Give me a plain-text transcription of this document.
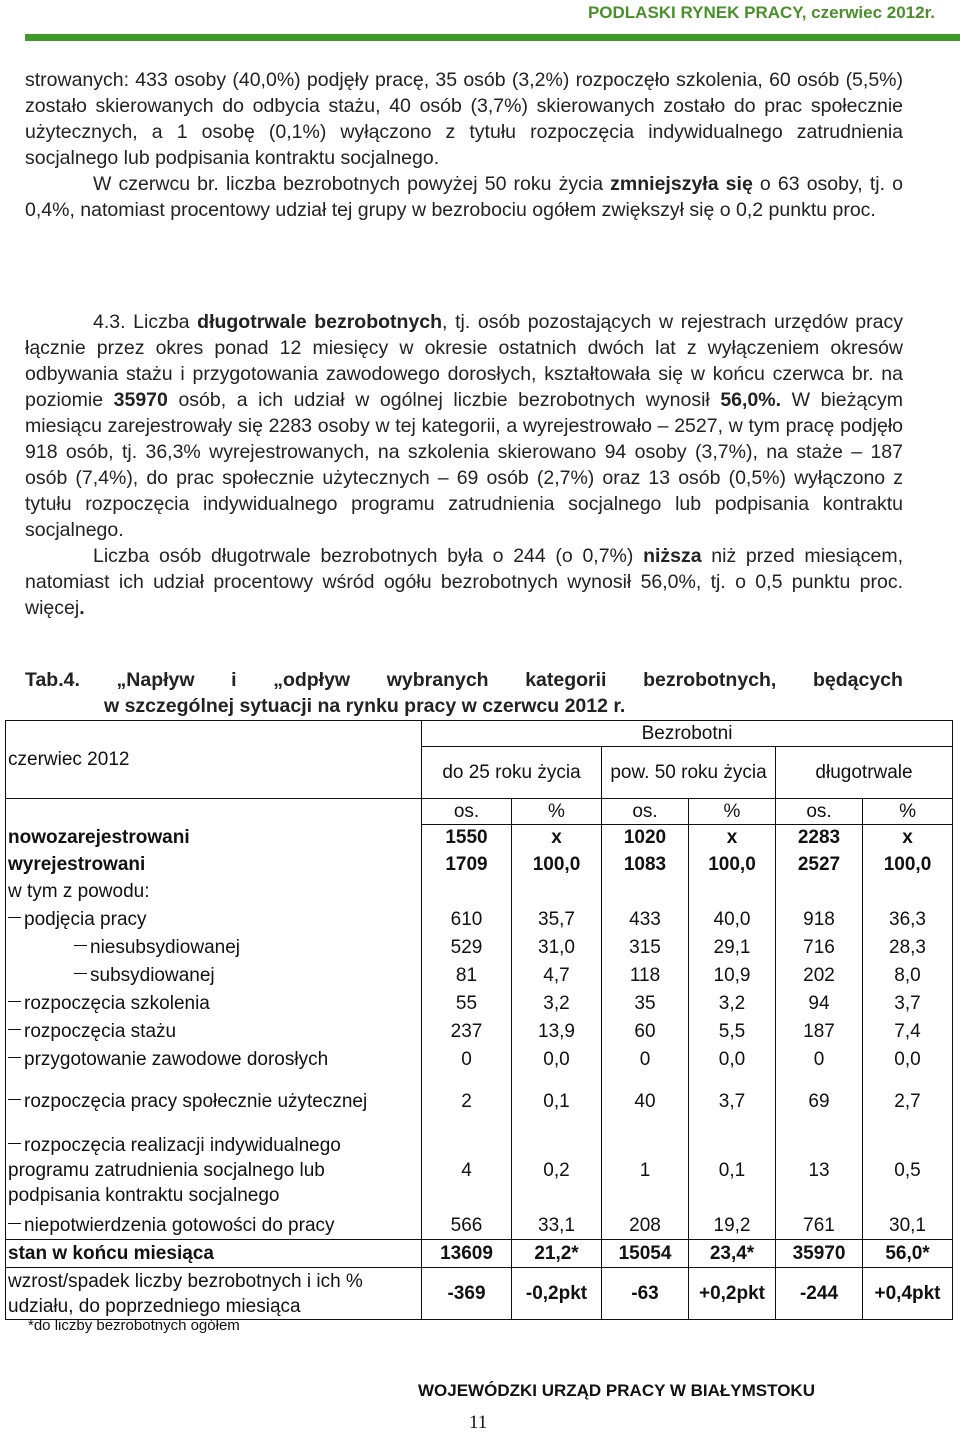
PODLASKI RYNEK PRACY, czerwiec 2012r.

strowanych: 433 osoby (40,0%) podjęły pracę, 35 osób (3,2%) rozpoczęło szkolenia, 60 osób (5,5%) zostało skierowanych do odbycia stażu, 40 osób (3,7%) skierowanych zostało do prac społecznie użytecznych, a 1 osobę (0,1%) wyłączono z tytułu rozpoczęcia indywidualnego zatrudnienia socjalnego lub podpisania kontraktu socjalnego.

W czerwcu br. liczba bezrobotnych powyżej 50 roku życia zmniejszyła się o 63 osoby, tj. o 0,4%, natomiast procentowy udział tej grupy w bezrobociu ogółem zwiększył się o 0,2 punktu proc.

4.3. Liczba długotrwale bezrobotnych, tj. osób pozostających w rejestrach urzędów pracy łącznie przez okres ponad 12 miesięcy w okresie ostatnich dwóch lat z wyłączeniem okresów odbywania stażu i przygotowania zawodowego dorosłych, kształtowała się w końcu czerwca br. na poziomie 35970 osób, a ich udział w ogólnej liczbie bezrobotnych wynosił 56,0%. W bieżącym miesiącu zarejestrowały się 2283 osoby w tej kategorii, a wyrejestrowało – 2527, w tym pracę podjęło 918 osób, tj. 36,3% wyrejestrowanych, na szkolenia skierowano 94 osoby (3,7%), na staże – 187 osób (7,4%), do prac społecznie użytecznych – 69 osób (2,7%) oraz 13 osób (0,5%) wyłączono z tytułu rozpoczęcia indywidualnego programu zatrudnienia socjalnego lub podpisania kontraktu socjalnego.

Liczba osób długotrwale bezrobotnych była o 244 (o 0,7%) niższa niż przed miesiącem, natomiast ich udział procentowy wśród ogółu bezrobotnych wynosił 56,0%, tj. o 0,5 punktu proc. więcej.

Tab.4. „Napływ i „odpływ wybranych kategorii bezrobotnych, będących
w szczególnej sytuacji na rynku pracy w czerwcu 2012 r.
czerwiec 2012	Bezrobotni					
	do 25 roku życia		pow. 50 roku życia		długotrwale	
	os.	%	os.	%	os.	%
nowozarejestrowani	1550	x	1020	x	2283	x
wyrejestrowani	1709	100,0	1083	100,0	2527	100,0
w tym z powodu:						
podjęcia pracy	610	35,7	433	40,0	918	36,3
niesubsydiowanej	529	31,0	315	29,1	716	28,3
subsydiowanej	81	4,7	118	10,9	202	8,0
rozpoczęcia szkolenia	55	3,2	35	3,2	94	3,7
rozpoczęcia stażu	237	13,9	60	5,5	187	7,4
przygotowanie zawodowe dorosłych	0	0,0	0	0,0	0	0,0
rozpoczęcia pracy społecznie użytecznej	2	0,1	40	3,7	69	2,7
rozpoczęcia realizacji indywidualnego programu zatrudnienia socjalnego lub podpisania kontraktu socjalnego	4	0,2	1	0,1	13	0,5
niepotwierdzenia gotowości do pracy	566	33,1	208	19,2	761	30,1
stan w końcu miesiąca	13609	21,2*	15054	23,4*	35970	56,0*
wzrost/spadek liczby bezrobotnych i ich % udziału, do poprzedniego miesiąca	-369	-0,2pkt	-63	+0,2pkt	-244	+0,4pkt
*do liczby bezrobotnych ogółem
WOJEWÓDZKI URZĄD PRACY W BIAŁYMSTOKU
11
